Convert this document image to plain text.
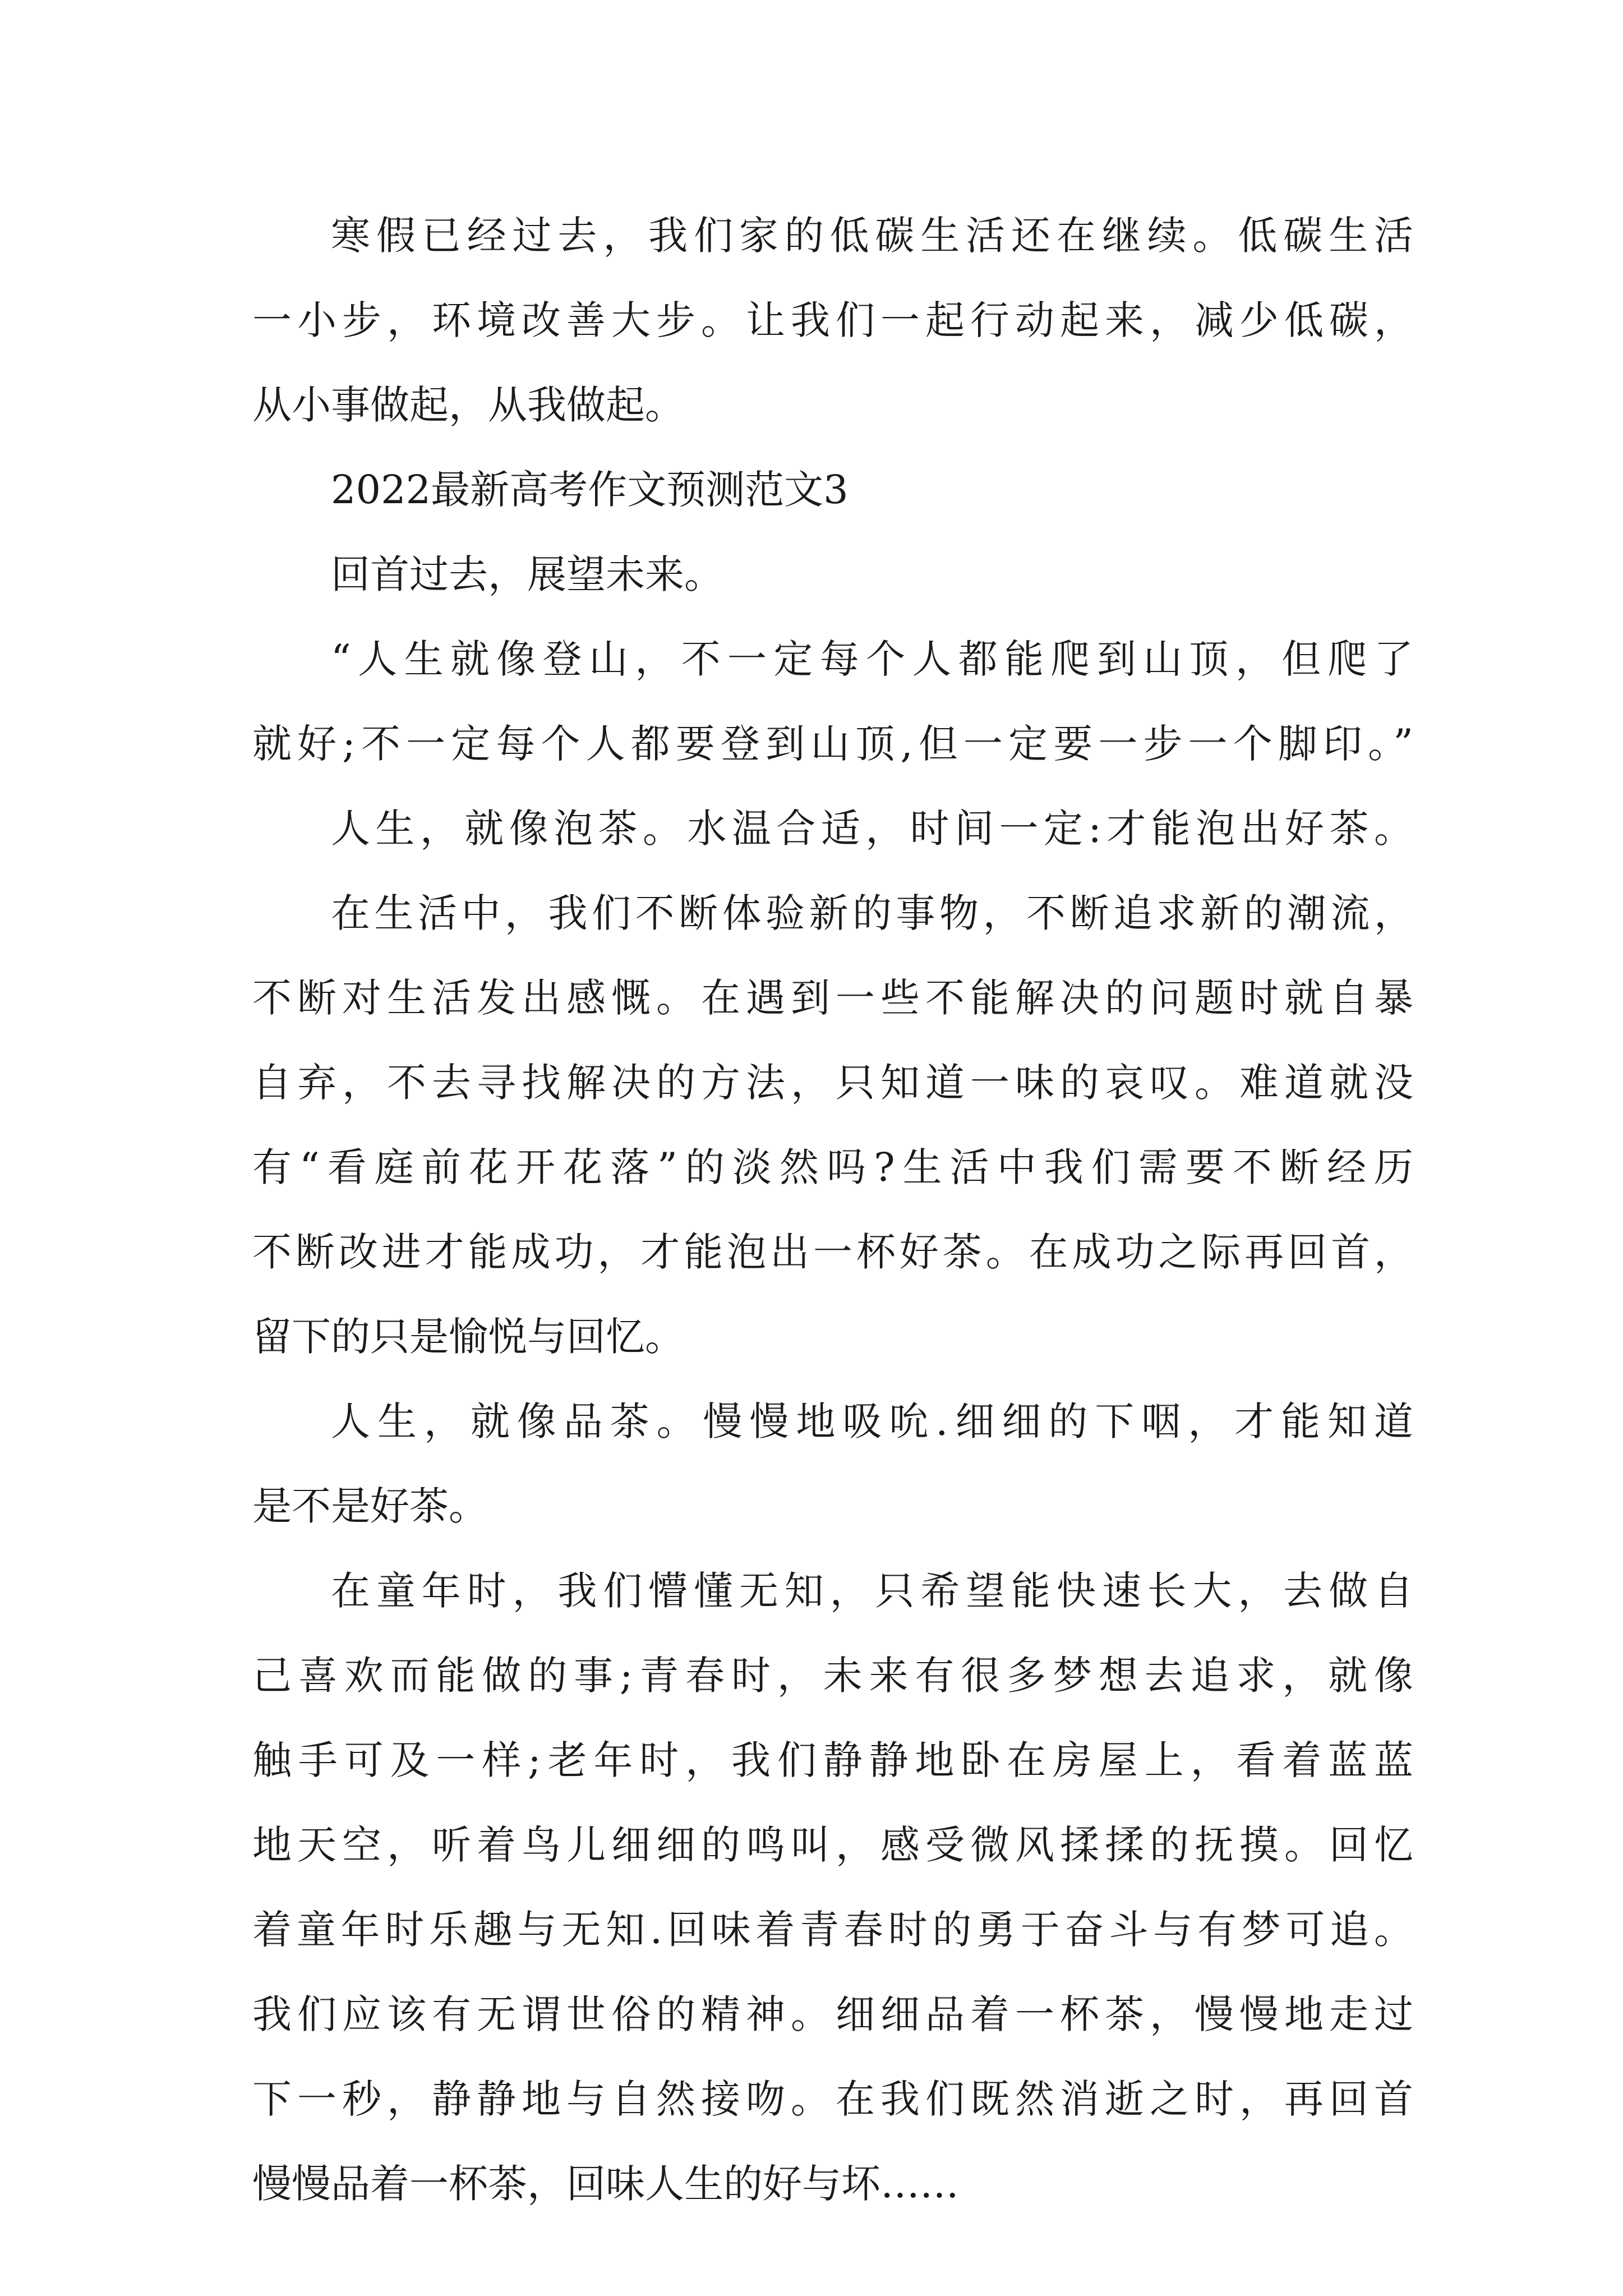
寒假已经过去，我们家的低碳生活还在继续。低碳生活
一小步，环境改善大步。让我们一起行动起来，减少低碳，
从小事做起，从我做起。
2022最新高考作文预测范文3
回首过去，展望未来。
“人生就像登山，不一定每个人都能爬到山顶，但爬了
就好;不一定每个人都要登到山顶,但一定要一步一个脚印。”
人生，就像泡茶。水温合适，时间一定:才能泡出好茶。
在生活中，我们不断体验新的事物，不断追求新的潮流，
不断对生活发出感慨。在遇到一些不能解决的问题时就自暴
自弃，不去寻找解决的方法，只知道一味的哀叹。难道就没
有“看庭前花开花落”的淡然吗?生活中我们需要不断经历
不断改进才能成功，才能泡出一杯好茶。在成功之际再回首，
留下的只是愉悦与回忆。
人生，就像品茶。慢慢地吸吮.细细的下咽，才能知道
是不是好茶。
在童年时，我们懵懂无知，只希望能快速长大，去做自
己喜欢而能做的事;青春时，未来有很多梦想去追求，就像
触手可及一样;老年时，我们静静地卧在房屋上，看着蓝蓝
地天空，听着鸟儿细细的鸣叫，感受微风揉揉的抚摸。回忆
着童年时乐趣与无知.回味着青春时的勇于奋斗与有梦可追。
我们应该有无谓世俗的精神。细细品着一杯茶，慢慢地走过
下一秒，静静地与自然接吻。在我们既然消逝之时，再回首
慢慢品着一杯茶，回味人生的好与坏……
